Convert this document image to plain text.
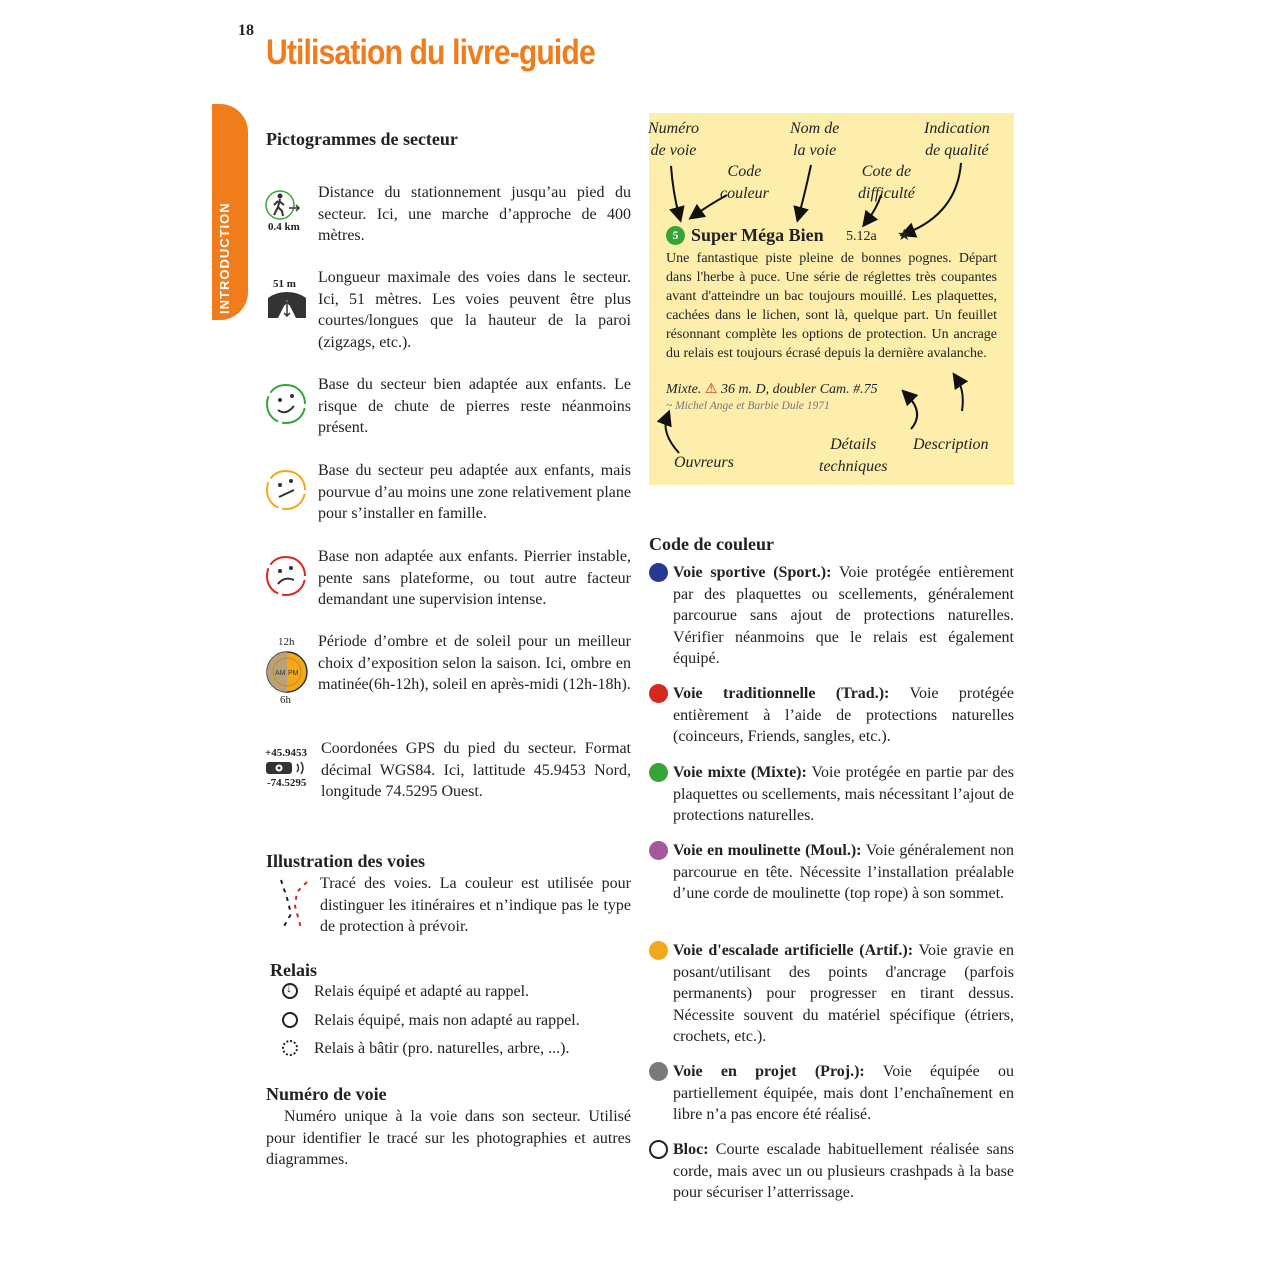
18
Utilisation du livre-guide
INTRODUCTION
Pictogrammes de secteur
0.4 km
Distance du stationnement jusqu’au pied du secteur. Ici, une marche d’approche de 400 mètres.
51 m Longueur maximale des voies dans le secteur. Ici, 51 mètres. Les voies peuvent être plus courtes/longues que la hauteur de la paroi (zigzags, etc.).
Base du secteur bien adaptée aux enfants. Le risque de chute de pierres reste néanmoins présent.
Base du secteur peu adaptée aux enfants, mais pourvue d’au moins une zone relativement plane pour s’installer en famille.
Base non adaptée aux enfants. Pierrier instable, pente sans plateforme, ou tout autre facteur demandant une supervision intense.
12h
AM PM
6h
Période d’ombre et de soleil pour un meilleur choix d’exposition selon la saison. Ici, ombre en matinée(6h-12h), soleil en après-midi (12h-18h).
+45.9453
-74.5295
Coordonées GPS du pied du secteur. Format décimal WGS84. Ici, lattitude 45.9453 Nord, longitude 74.5295 Ouest.
Illustration des voies
Tracé des voies. La couleur est utilisée pour distinguer les itinéraires et n’indique pas le type de protection à prévoir.
Relais
↓Relais équipé et adapté au rappel.
Relais équipé, mais non adapté au rappel.
Relais à bâtir (pro. naturelles, arbre, ...).
Numéro de voie
Numéro unique à la voie dans son secteur. Utilisé pour identifier le tracé sur les photographies et autres diagrammes.
Numéro
de voie
Nom de
la voie
Indication
de qualité
Code
couleur
Cote de
difficulté
5 Super Méga Bien 5.12a ★
Une fantastique piste pleine de bonnes pognes. Départ dans l'herbe à puce. Une série de réglettes très coupantes avant d'atteindre un bac toujours mouillé. Les plaquettes, cachées dans le lichen, sont là, quelque part. Un feuillet résonnant complète les options de protection. Un ancrage du relais est toujours écrasé depuis la dernière avalanche.
Mixte. ⚠ 36 m. D, doubler Cam. #.75
~ Michel Ange et Barbie Dule 1971
Ouvreurs
Détails
techniques
Description
Code de couleur
Voie sportive (Sport.): Voie protégée entièrement par des plaquettes ou scellements, généralement parcourue sans ajout de protections naturelles. Vérifier néanmoins que le relais est également équipé.
Voie traditionnelle (Trad.): Voie protégée entièrement à l’aide de protections naturelles (coinceurs, Friends, sangles, etc.).
Voie mixte (Mixte): Voie protégée en partie par des plaquettes ou scellements, mais nécessitant l’ajout de protections naturelles.
Voie en moulinette (Moul.): Voie généralement non parcourue en tête. Nécessite l’installation préalable d’une corde de moulinette (top rope) à son sommet.
Voie d'escalade artificielle (Artif.): Voie gravie en posant/utilisant des points d'ancrage (parfois permanents) pour progresser en tirant dessus. Nécessite souvent du matériel spécifique (étriers, crochets, etc.).
Voie en projet (Proj.): Voie équipée ou partiellement équipée, mais dont l’enchaînement en libre n’a pas encore été réalisé.
Bloc: Courte escalade habituellement réalisée sans corde, mais avec un ou plusieurs crashpads à la base pour sécuriser l’atterrissage.
